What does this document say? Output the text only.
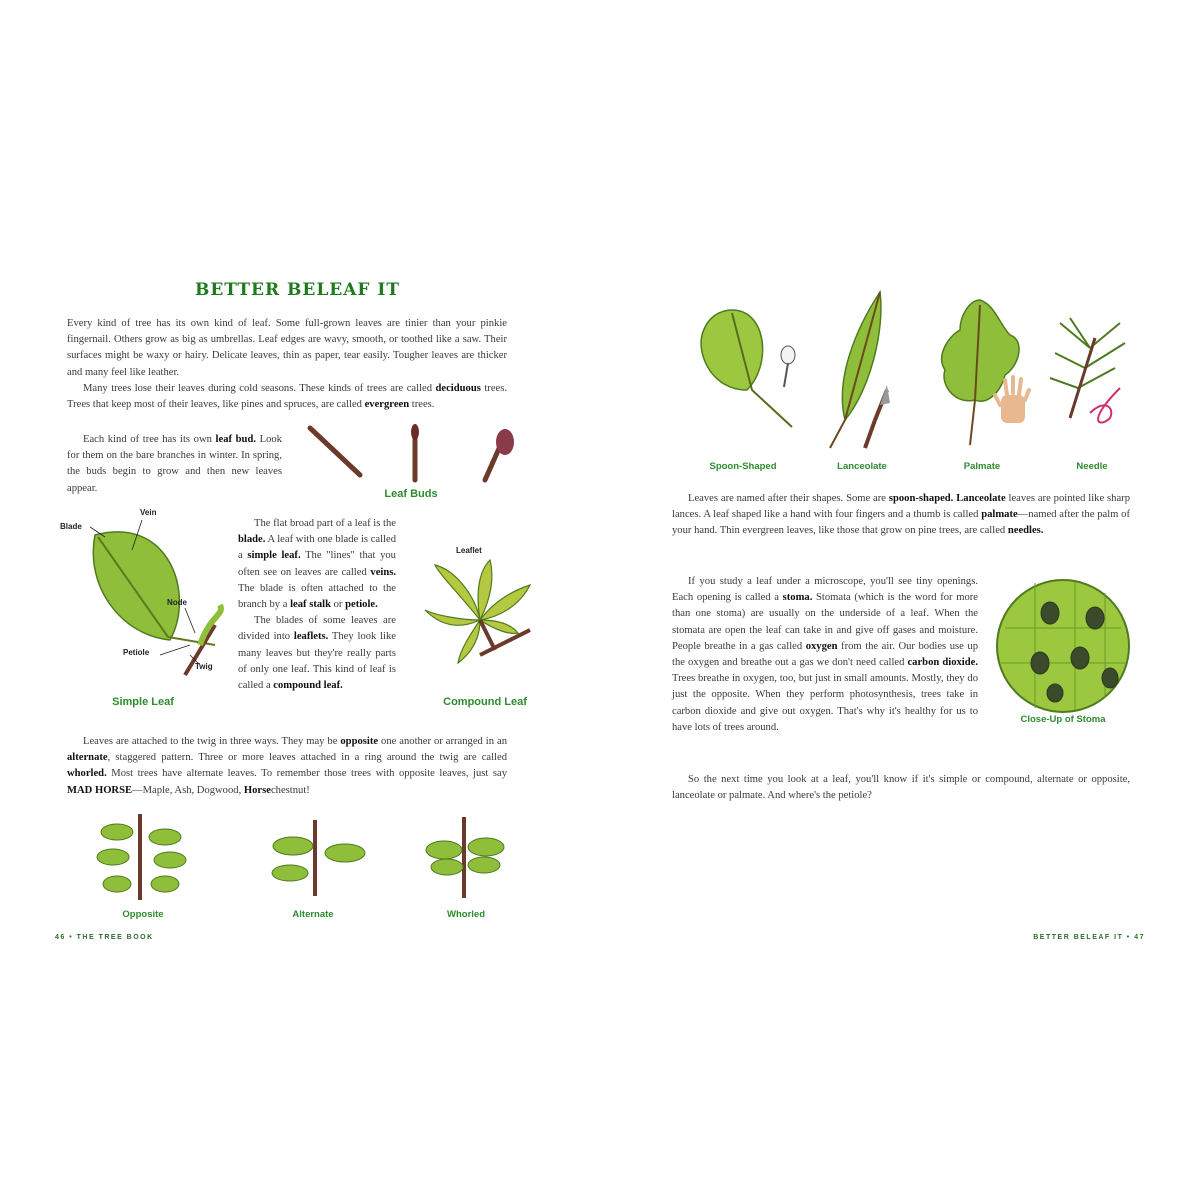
BETTER BELEAF IT

Every kind of tree has its own kind of leaf. Some full-grown leaves are tinier than your pinkie fingernail. Others grow as big as umbrellas. Leaf edges are wavy, smooth, or toothed like a saw. Their surfaces might be waxy or hairy. Delicate leaves, thin as paper, tear easily. Tougher leaves are thicker and many feel like leather.

Many trees lose their leaves during cold seasons. These kinds of trees are called deciduous trees. Trees that keep most of their leaves, like pines and spruces, are called evergreen trees.

Each kind of tree has its own leaf bud. Look for them on the bare branches in winter. In spring, the buds begin to grow and then new leaves appear.	Leaf Buds
Blade
Vein
Node
Petiole
Twig
Simple Leaf

The flat broad part of a leaf is the blade. A leaf with one blade is called a simple leaf. The "lines" that you often see on leaves are called veins. The blade is often attached to the branch by a leaf stalk or petiole.

The blades of some leaves are divided into leaflets. They look like many leaves but they're really parts of only one leaf. This kind of leaf is called a compound leaf.

Leaflet
Compound Leaf

Leaves are attached to the twig in three ways. They may be opposite one another or arranged in an alternate, staggered pattern. Three or more leaves attached in a ring around the twig are called whorled. Most trees have alternate leaves. To remember those trees with opposite leaves, just say MAD HORSE—Maple, Ash, Dogwood, Horsechestnut!

Opposite	Alternate	Whorled
46 • THE TREE BOOK
Spoon-Shaped	Lanceolate	Palmate	Needle

Leaves are named after their shapes. Some are spoon-shaped. Lanceolate leaves are pointed like sharp lances. A leaf shaped like a hand with four fingers and a thumb is called palmate—named after the palm of your hand. Thin evergreen leaves, like those that grow on pine trees, are called needles.

If you study a leaf under a microscope, you'll see tiny openings. Each opening is called a stoma. Stomata (which is the word for more than one stoma) are usually on the underside of a leaf. When the stomata are open the leaf can take in and give off gases and moisture. People breathe in a gas called oxygen from the air. Our bodies use up the oxygen and breathe out a gas we don't need called carbon dioxide. Trees breathe in oxygen, too, but just in small amounts. Mostly, they do just the opposite. When they perform photosynthesis, trees take in carbon dioxide and give out oxygen. That's why it's healthy for us to have lots of trees around.

Close-Up of Stoma

So the next time you look at a leaf, you'll know if it's simple or compound, alternate or opposite, lanceolate or palmate. And where's the petiole?

BETTER BELEAF IT • 47
